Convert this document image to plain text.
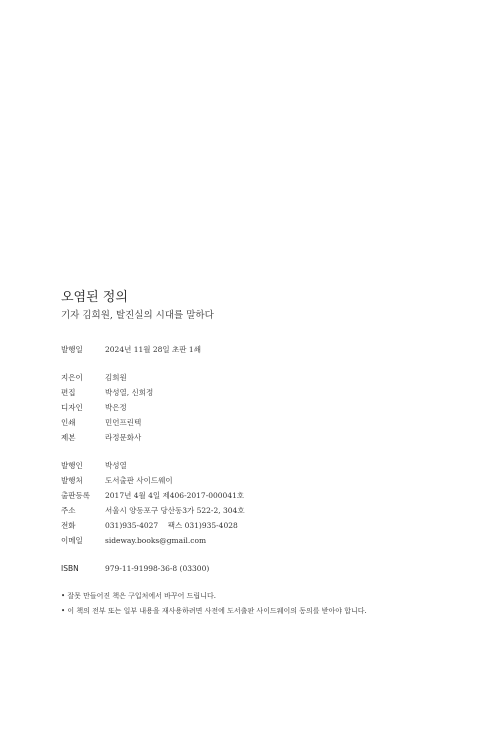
오염된 정의
기자 김희원, 탈진실의 시대를 말하다
발행일	2024년 11월 28일 초판 1쇄
지은이	김희원
편집	박성열, 신희정
디자인	박은정
인쇄	민언프린텍
제본	라정문화사
발행인	박성열
발행처	도서출판 사이드웨이
출판등록	2017년 4월 4일 제406-2017-000041호
주소	서울시 양동포구 당산동3가 522-2, 304호
전화	031)935-4027    팩스 031)935-4028
이메일	sideway.books@gmail.com
ISBN	979-11-91998-36-8 (03300)
• 잘못 만들어진 책은 구입처에서 바꾸어 드립니다.
• 이 책의 전부 또는 일부 내용을 재사용하려면 사전에 도서출판 사이드웨이의 동의를 받아야 합니다.
